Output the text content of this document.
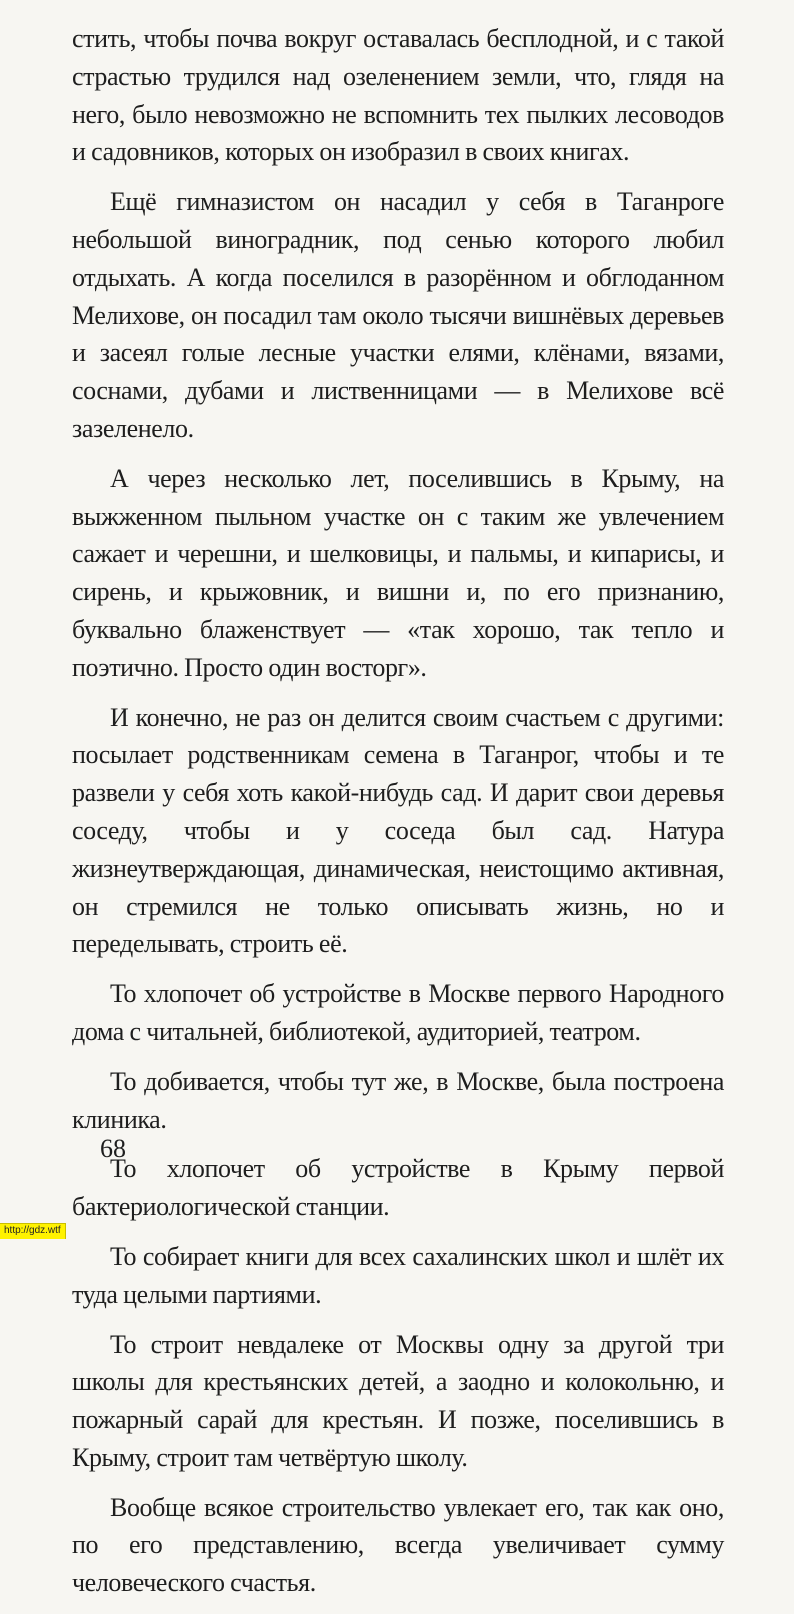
стить, чтобы почва вокруг оставалась бесплодной, и с такой страстью трудился над озеленением земли, что, глядя на него, было невозможно не вспомнить тех пылких лесоводов и садовников, которых он изобразил в своих книгах.

Ещё гимназистом он насадил у себя в Таганроге небольшой виноградник, под сенью которого любил отдыхать. А когда поселился в разорённом и обглоданном Мелихове, он посадил там около тысячи вишнёвых деревьев и засеял голые лесные участки елями, клёнами, вязами, соснами, дубами и лиственницами — в Мелихове всё зазеленело.

А через несколько лет, поселившись в Крыму, на выжженном пыльном участке он с таким же увлечением сажает и черешни, и шелковицы, и пальмы, и кипарисы, и сирень, и крыжовник, и вишни и, по его признанию, буквально блаженствует — «так хорошо, так тепло и поэтично. Просто один восторг».

И конечно, не раз он делится своим счастьем с другими: посылает родственникам семена в Таганрог, чтобы и те развели у себя хоть какой-нибудь сад. И дарит свои деревья соседу, чтобы и у соседа был сад. Натура жизнеутверждающая, динамическая, неистощимо активная, он стремился не только описывать жизнь, но и переделывать, строить её.

То хлопочет об устройстве в Москве первого Народного дома с читальней, библиотекой, аудиторией, театром.

То добивается, чтобы тут же, в Москве, была построена клиника.

То хлопочет об устройстве в Крыму первой бактериологической станции.

То собирает книги для всех сахалинских школ и шлёт их туда целыми партиями.

То строит невдалеке от Москвы одну за другой три школы для крестьянских детей, а заодно и колокольню, и пожарный сарай для крестьян. И позже, поселившись в Крыму, строит там четвёртую школу.

Вообще всякое строительство увлекает его, так как оно, по его представлению, всегда увеличивает сумму человеческого счастья.

68
http://gdz.wtf
